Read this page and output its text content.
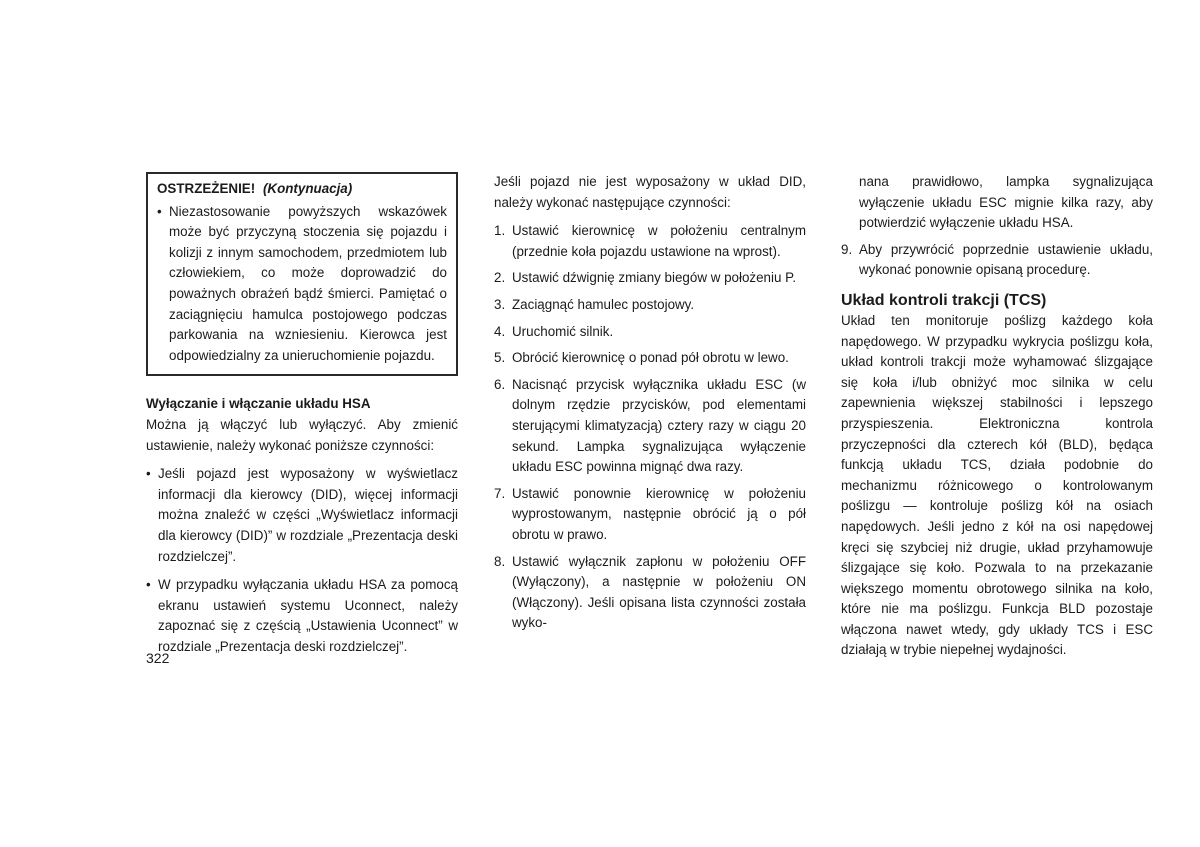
OSTRZEŻENIE! (Kontynuacja)
• Niezastosowanie powyższych wskazówek może być przyczyną stoczenia się pojazdu i kolizji z innym samochodem, przedmiotem lub człowiekiem, co może doprowadzić do poważnych obrażeń bądź śmierci. Pamiętać o zaciągnięciu hamulca postojowego podczas parkowania na wzniesieniu. Kierowca jest odpowiedzialny za unieruchomienie pojazdu.
Wyłączanie i włączanie układu HSA

Można ją włączyć lub wyłączyć. Aby zmienić ustawienie, należy wykonać poniższe czynności:

• Jeśli pojazd jest wyposażony w wyświetlacz informacji dla kierowcy (DID), więcej informacji można znaleźć w części „Wyświetlacz informacji dla kierowcy (DID)” w rozdziale „Prezentacja deski rozdzielczej”.
• W przypadku wyłączania układu HSA za pomocą ekranu ustawień systemu Uconnect, należy zapoznać się z częścią „Ustawienia Uconnect” w rozdziale „Prezentacja deski rozdzielczej”.

Jeśli pojazd nie jest wyposażony w układ DID, należy wykonać następujące czynności:

1. Ustawić kierownicę w położeniu centralnym (przednie koła pojazdu ustawione na wprost).
2. Ustawić dźwignię zmiany biegów w położeniu P.
3. Zaciągnąć hamulec postojowy.
4. Uruchomić silnik.
5. Obrócić kierownicę o ponad pół obrotu w lewo.
6. Nacisnąć przycisk wyłącznika układu ESC (w dolnym rzędzie przycisków, pod elementami sterującymi klimatyzacją) cztery razy w ciągu 20 sekund. Lampka sygnalizująca wyłączenie układu ESC powinna mignąć dwa razy.
7. Ustawić ponownie kierownicę w położeniu wyprostowanym, następnie obrócić ją o pół obrotu w prawo.
8. Ustawić wyłącznik zapłonu w położeniu OFF (Wyłączony), a następnie w położeniu ON (Włączony). Jeśli opisana lista czynności została wyko-
nana prawidłowo, lampka sygnalizująca wyłączenie układu ESC mignie kilka razy, aby potwierdzić wyłączenie układu HSA.
9. Aby przywrócić poprzednie ustawienie układu, wykonać ponownie opisaną procedurę.
Układ kontroli trakcji (TCS)

Układ ten monitoruje poślizg każdego koła napędowego. W przypadku wykrycia poślizgu koła, układ kontroli trakcji może wyhamować ślizgające się koła i/lub obniżyć moc silnika w celu zapewnienia większej stabilności i lepszego przyspieszenia. Elektroniczna kontrola przyczepności dla czterech kół (BLD), będąca funkcją układu TCS, działa podobnie do mechanizmu różnicowego o kontrolowanym poślizgu — kontroluje poślizg kół na osiach napędowych. Jeśli jedno z kół na osi napędowej kręci się szybciej niż drugie, układ przyhamowuje ślizgające się koło. Pozwala to na przekazanie większego momentu obrotowego silnika na koło, które nie ma poślizgu. Funkcja BLD pozostaje włączona nawet wtedy, gdy układy TCS i ESC działają w trybie niepełnej wydajności.

322
